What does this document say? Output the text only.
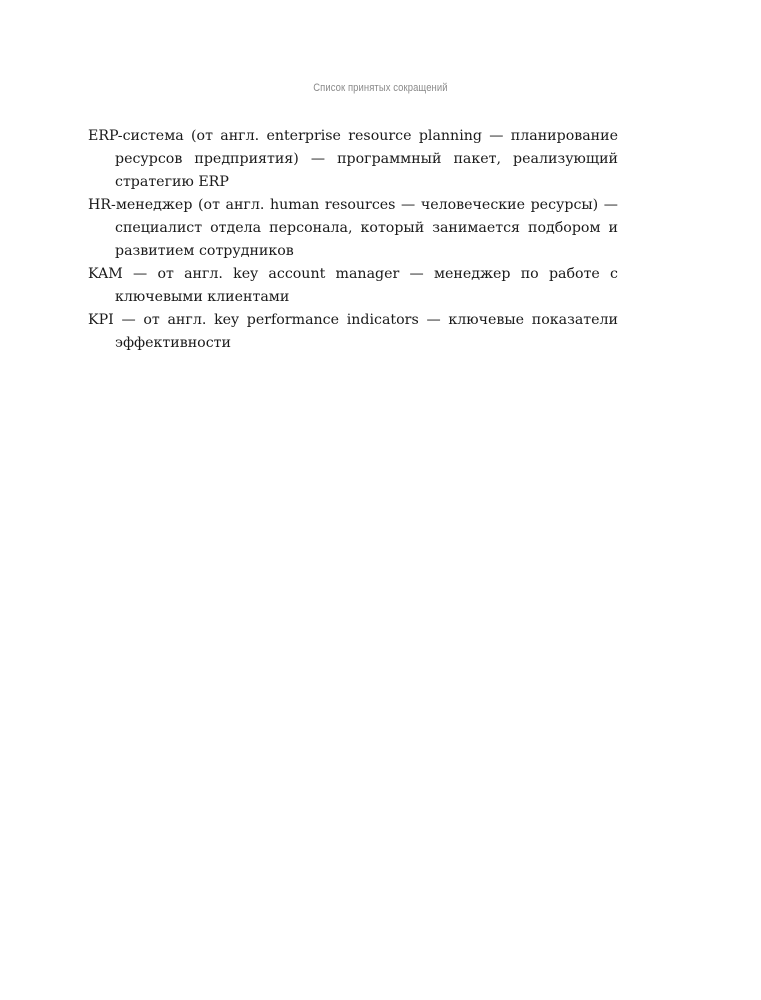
Список принятых сокращений

ERP-система (от англ. enterprise resource planning — планирование ресурсов предприятия) — программный пакет, реализующий стратегию ERP

HR-менеджер (от англ. human resources — человеческие ресурсы) — специалист отдела персонала, который занимается подбором и развитием сотрудников

KAM — от англ. key account manager — менеджер по работе с ключевыми клиентами

KPI — от англ. key performance indicators — ключевые показатели эффективности
